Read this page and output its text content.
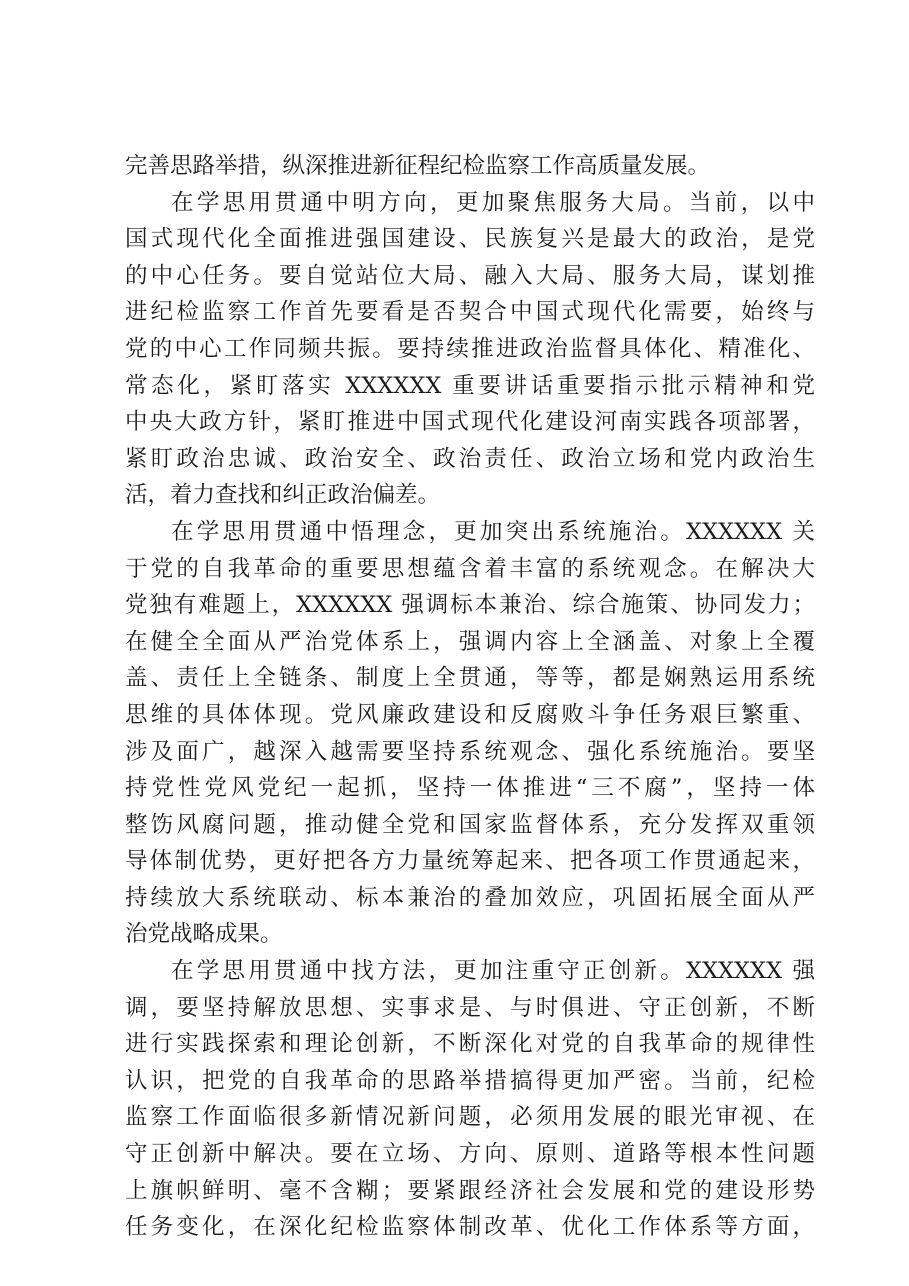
完善思路举措，纵深推进新征程纪检监察工作高质量发展。
在学思用贯通中明方向，更加聚焦服务大局。当前，以中
国式现代化全面推进强国建设、民族复兴是最大的政治，是党
的中心任务。要自觉站位大局、融入大局、服务大局，谋划推
进纪检监察工作首先要看是否契合中国式现代化需要，始终与
党的中心工作同频共振。要持续推进政治监督具体化、精准化、
常态化，紧盯落实 XXXXXX 重要讲话重要指示批示精神和党
中央大政方针，紧盯推进中国式现代化建设河南实践各项部署，
紧盯政治忠诚、政治安全、政治责任、政治立场和党内政治生
活，着力查找和纠正政治偏差。
在学思用贯通中悟理念，更加突出系统施治。XXXXXX 关
于党的自我革命的重要思想蕴含着丰富的系统观念。在解决大
党独有难题上，XXXXXX 强调标本兼治、综合施策、协同发力；
在健全全面从严治党体系上，强调内容上全涵盖、对象上全覆
盖、责任上全链条、制度上全贯通，等等，都是娴熟运用系统
思维的具体体现。党风廉政建设和反腐败斗争任务艰巨繁重、
涉及面广，越深入越需要坚持系统观念、强化系统施治。要坚
持党性党风党纪一起抓，坚持一体推进“三不腐”，坚持一体
整饬风腐问题，推动健全党和国家监督体系，充分发挥双重领
导体制优势，更好把各方力量统筹起来、把各项工作贯通起来，
持续放大系统联动、标本兼治的叠加效应，巩固拓展全面从严
治党战略成果。
在学思用贯通中找方法，更加注重守正创新。XXXXXX 强
调，要坚持解放思想、实事求是、与时俱进、守正创新，不断
进行实践探索和理论创新，不断深化对党的自我革命的规律性
认识，把党的自我革命的思路举措搞得更加严密。当前，纪检
监察工作面临很多新情况新问题，必须用发展的眼光审视、在
守正创新中解决。要在立场、方向、原则、道路等根本性问题
上旗帜鲜明、毫不含糊；要紧跟经济社会发展和党的建设形势
任务变化，在深化纪检监察体制改革、优化工作体系等方面，
